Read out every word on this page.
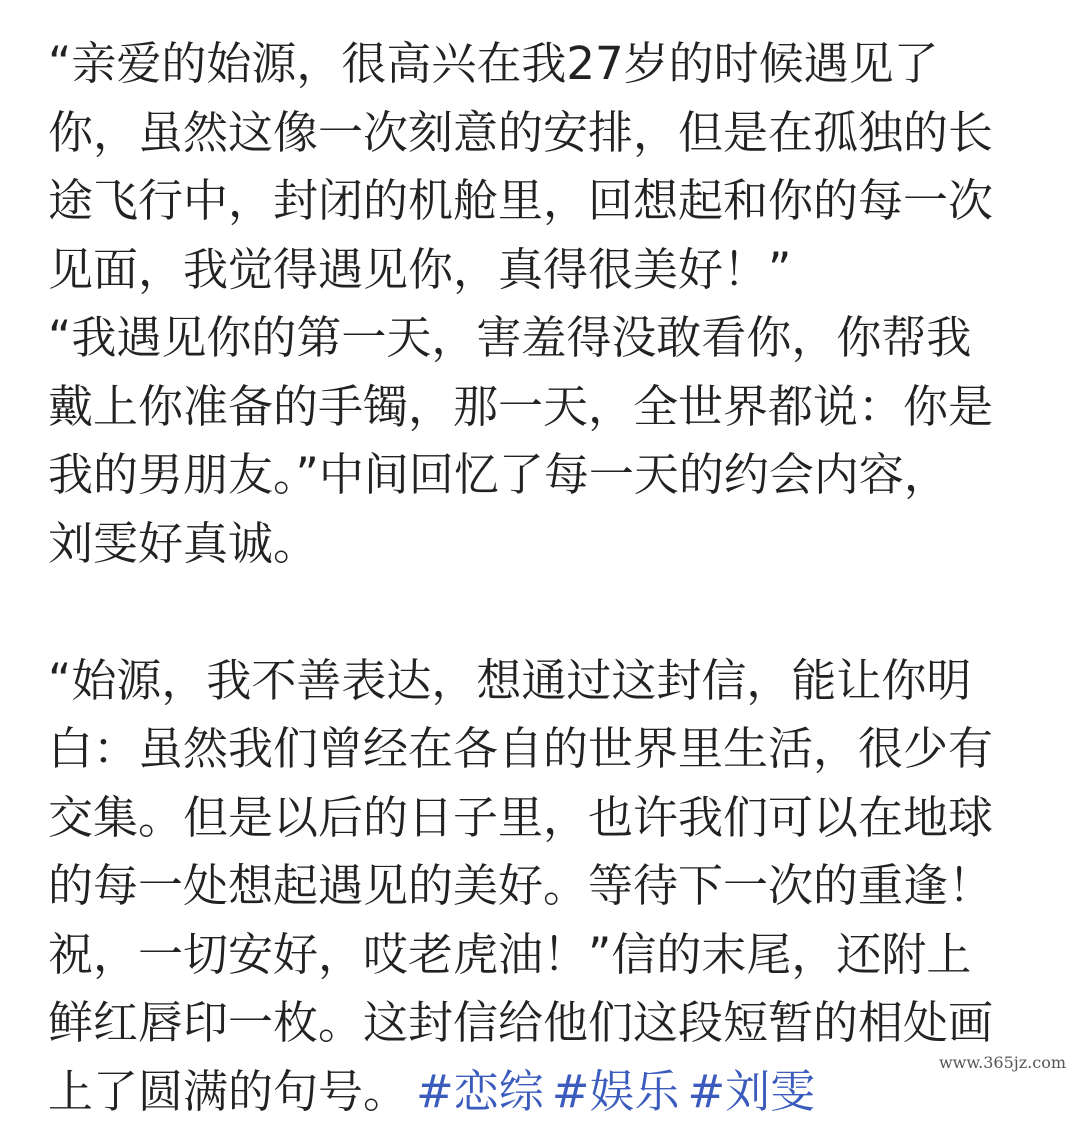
“亲爱的始源，很高兴在我27岁的时候遇见了
你，虽然这像一次刻意的安排，但是在孤独的长
途飞行中，封闭的机舱里，回想起和你的每一次
见面，我觉得遇见你，真得很美好！”
“我遇见你的第一天，害羞得没敢看你，你帮我
戴上你准备的手镯，那一天，全世界都说：你是
我的男朋友。”中间回忆了每一天的约会内容，
刘雯好真诚。
“始源，我不善表达，想通过这封信，能让你明
白：虽然我们曾经在各自的世界里生活，很少有
交集。但是以后的日子里，也许我们可以在地球
的每一处想起遇见的美好。等待下一次的重逢！
祝，一切安好，哎老虎油！”信的末尾，还附上
鲜红唇印一枚。这封信给他们这段短暂的相处画
上了圆满的句号。 #恋综 #娱乐 #刘雯
www.365jz.com
